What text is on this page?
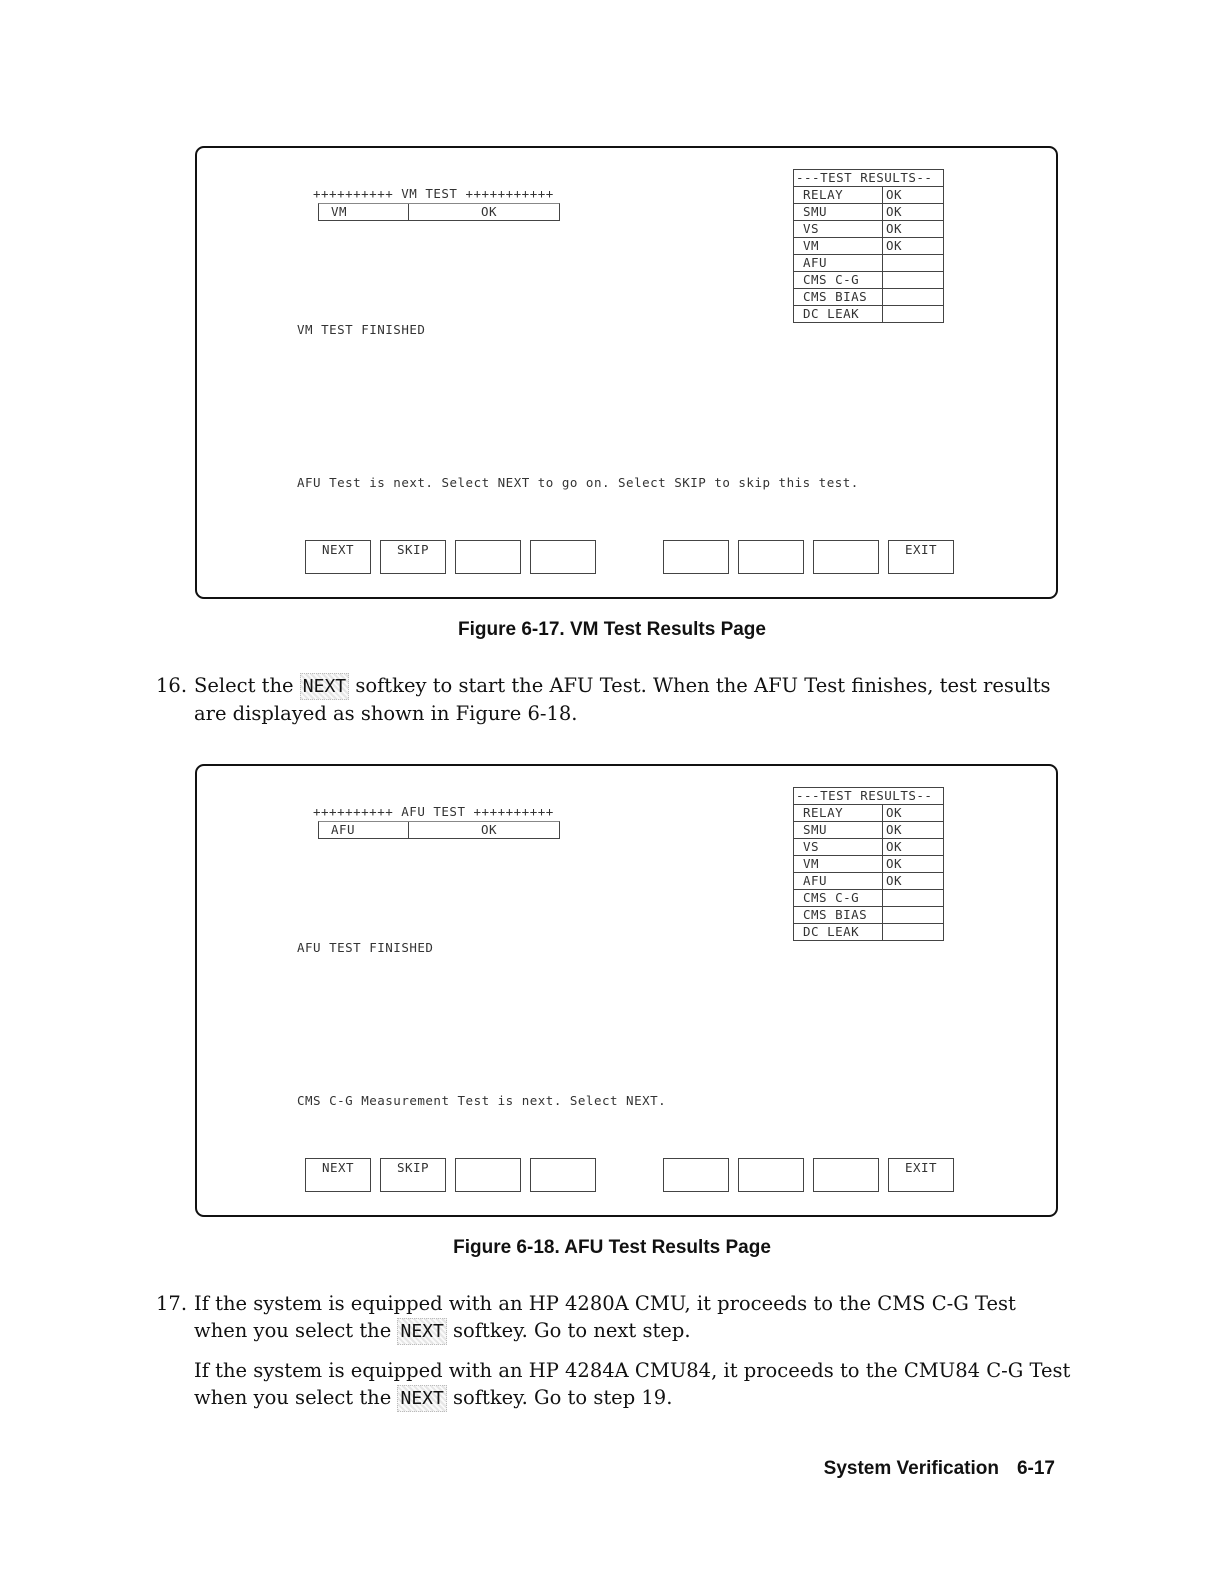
++++++++++ VM TEST +++++++++++
VM	OK
---TEST RESULTS--
RELAY	OK
SMU	OK
VS	OK
VM	OK
AFU
CMS C-G
CMS BIAS
DC LEAK
VM TEST FINISHED
AFU Test is next. Select NEXT to go on. Select SKIP to skip this test.
NEXT	SKIP	EXIT
Figure 6-17. VM Test Results Page
16. Select the NEXT softkey to start the AFU Test. When the AFU Test finishes, test results
are displayed as shown in Figure 6-18.
++++++++++ AFU TEST ++++++++++
AFU	OK
---TEST RESULTS--
RELAY	OK
SMU	OK
VS	OK
VM	OK
AFU	OK
CMS C-G
CMS BIAS
DC LEAK
AFU TEST FINISHED
CMS C-G Measurement Test is next. Select NEXT.
NEXT	SKIP	EXIT
Figure 6-18. AFU Test Results Page
17. If the system is equipped with an HP 4280A CMU, it proceeds to the CMS C-G Test
when you select the NEXT softkey. Go to next step.
If the system is equipped with an HP 4284A CMU84, it proceeds to the CMU84 C-G Test
when you select the NEXT softkey. Go to step 19.
System Verification 6-17
